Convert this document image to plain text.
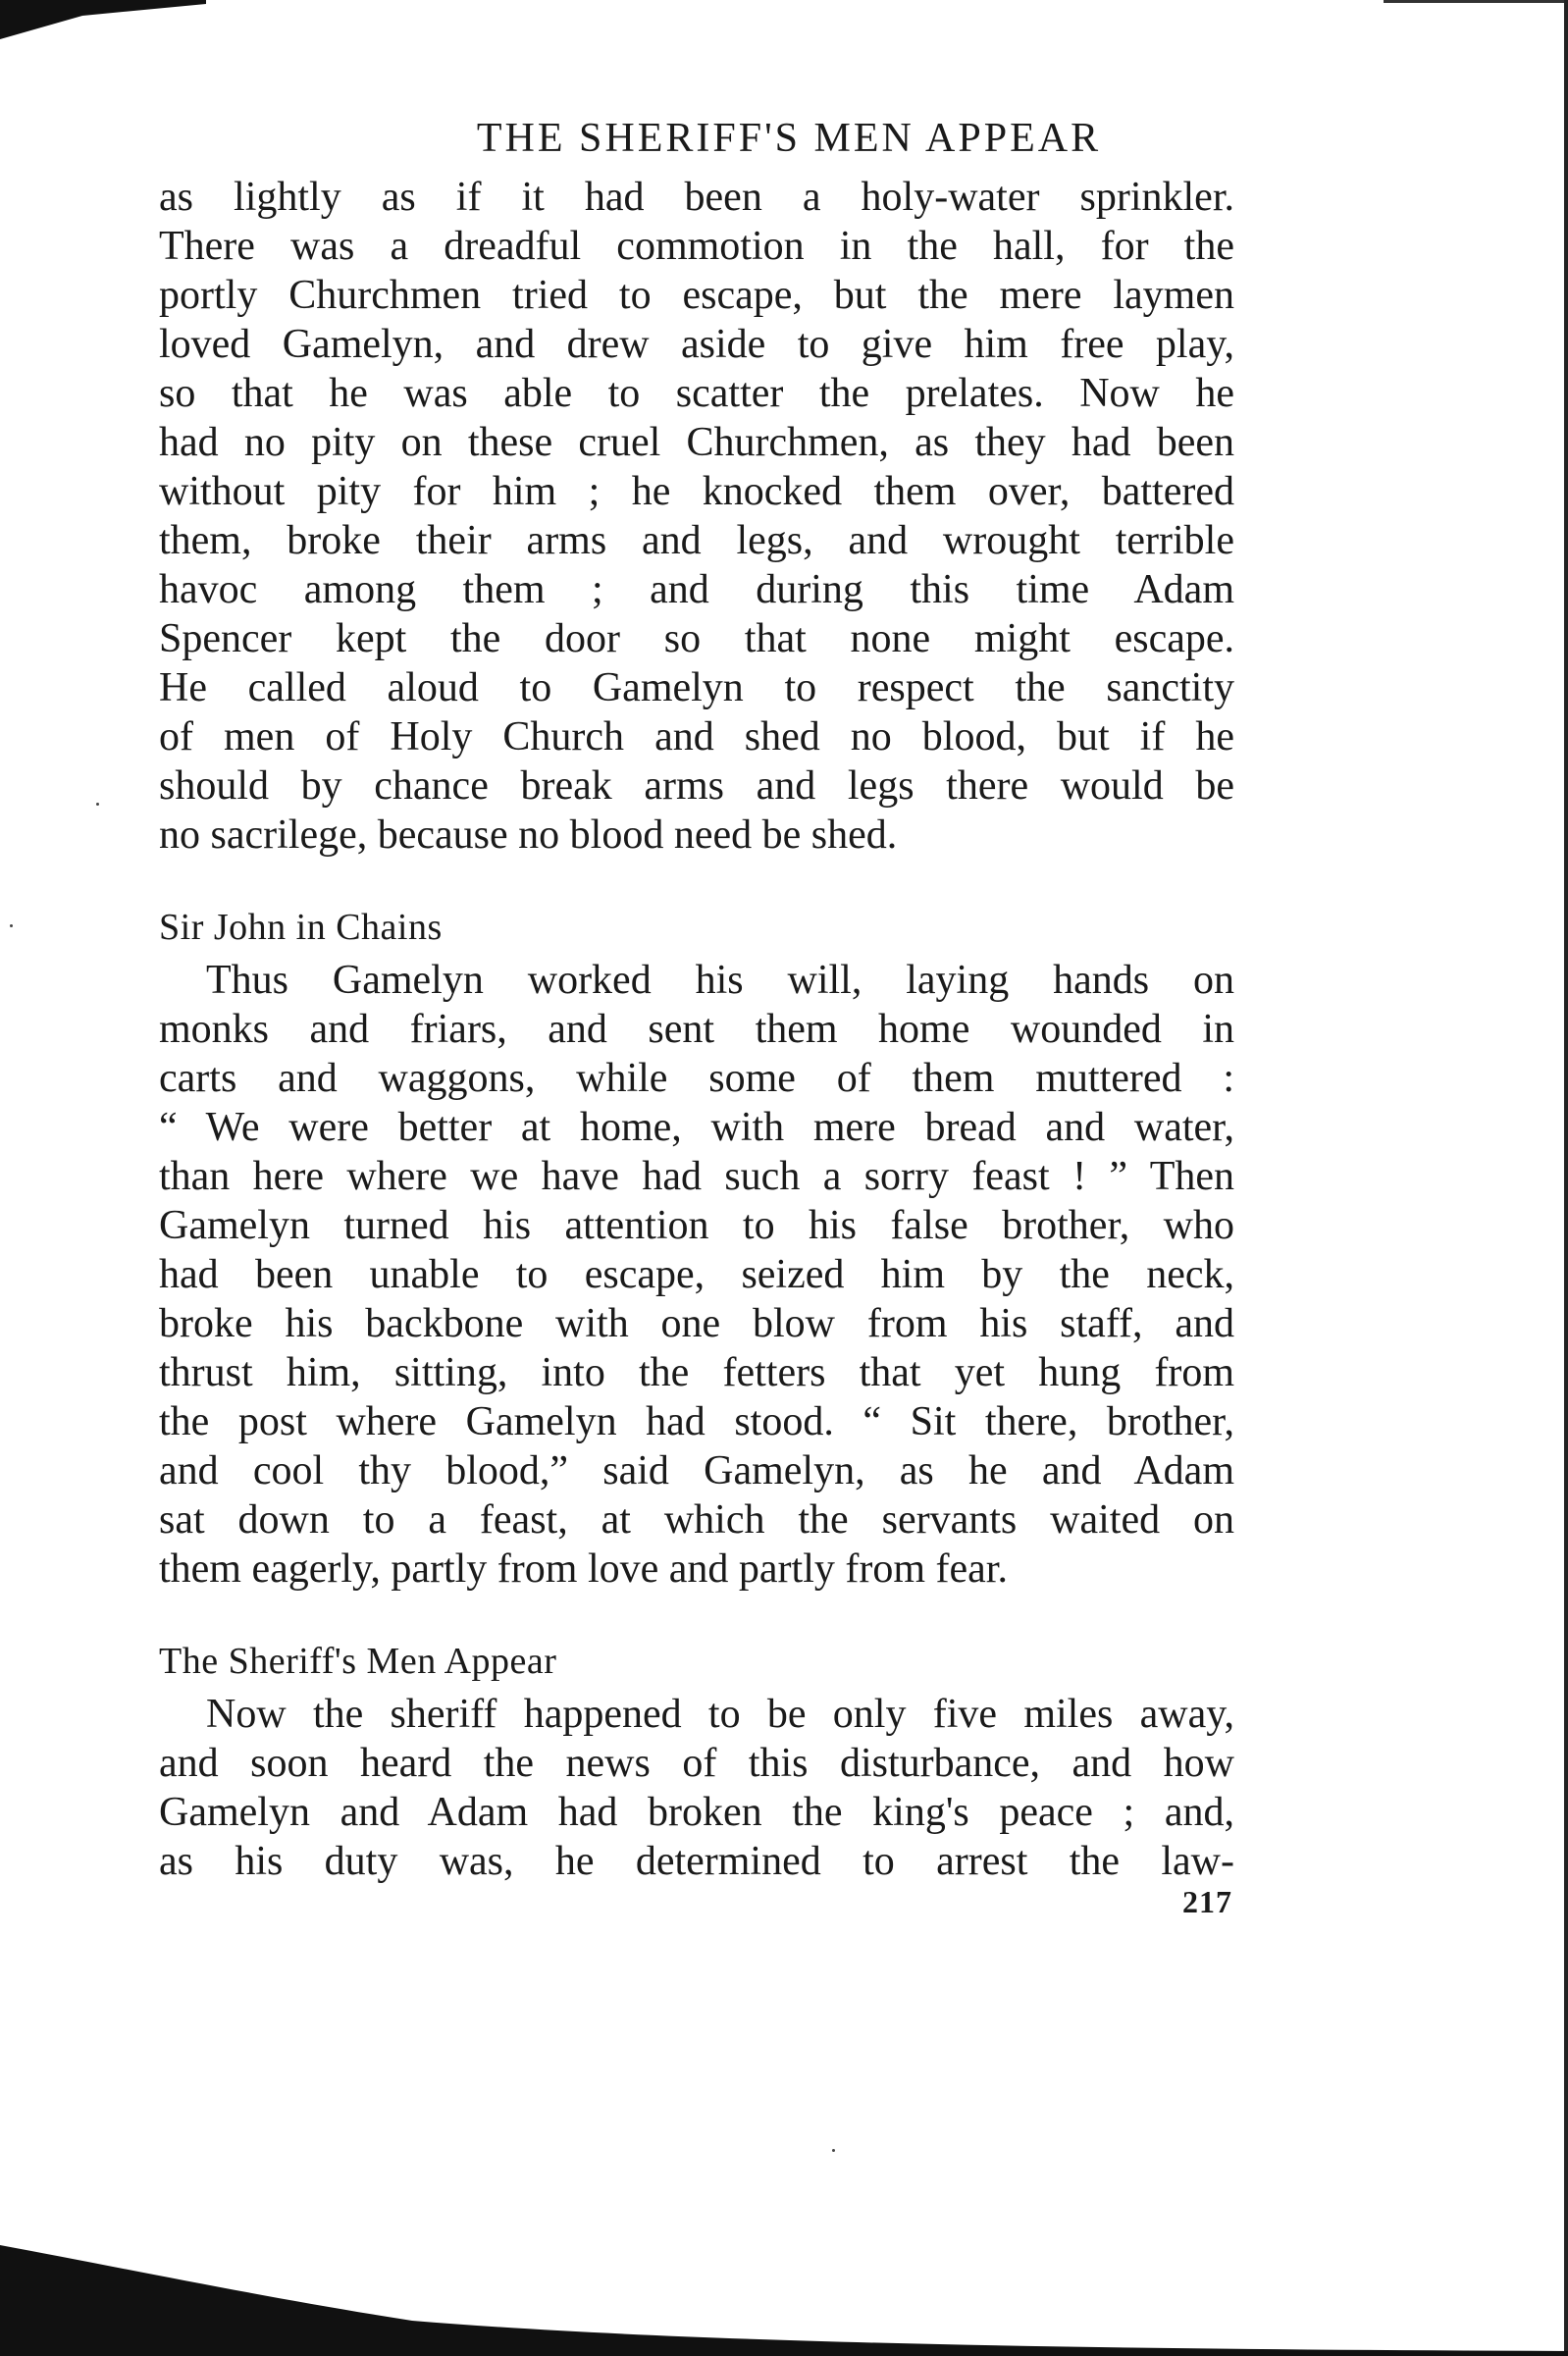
THE SHERIFF'S MEN APPEAR
as lightly as if it had been a holy-water sprinkler.
There was a dreadful commotion in the hall, for the
portly Churchmen tried to escape, but the mere laymen
loved Gamelyn, and drew aside to give him free play,
so that he was able to scatter the prelates. Now he
had no pity on these cruel Churchmen, as they had been
without pity for him ; he knocked them over, battered
them, broke their arms and legs, and wrought terrible
havoc among them ; and during this time Adam
Spencer kept the door so that none might escape.
He called aloud to Gamelyn to respect the sanctity
of men of Holy Church and shed no blood, but if he
should by chance break arms and legs there would be
no sacrilege, because no blood need be shed.
Sir John in Chains
Thus Gamelyn worked his will, laying hands on
monks and friars, and sent them home wounded in
carts and waggons, while some of them muttered :
“ We were better at home, with mere bread and water,
than here where we have had such a sorry feast ! ” Then
Gamelyn turned his attention to his false brother, who
had been unable to escape, seized him by the neck,
broke his backbone with one blow from his staff, and
thrust him, sitting, into the fetters that yet hung from
the post where Gamelyn had stood. “ Sit there, brother,
and cool thy blood,” said Gamelyn, as he and Adam
sat down to a feast, at which the servants waited on
them eagerly, partly from love and partly from fear.
The Sheriff's Men Appear
Now the sheriff happened to be only five miles away,
and soon heard the news of this disturbance, and how
Gamelyn and Adam had broken the king's peace ; and,
as his duty was, he determined to arrest the law-
217
